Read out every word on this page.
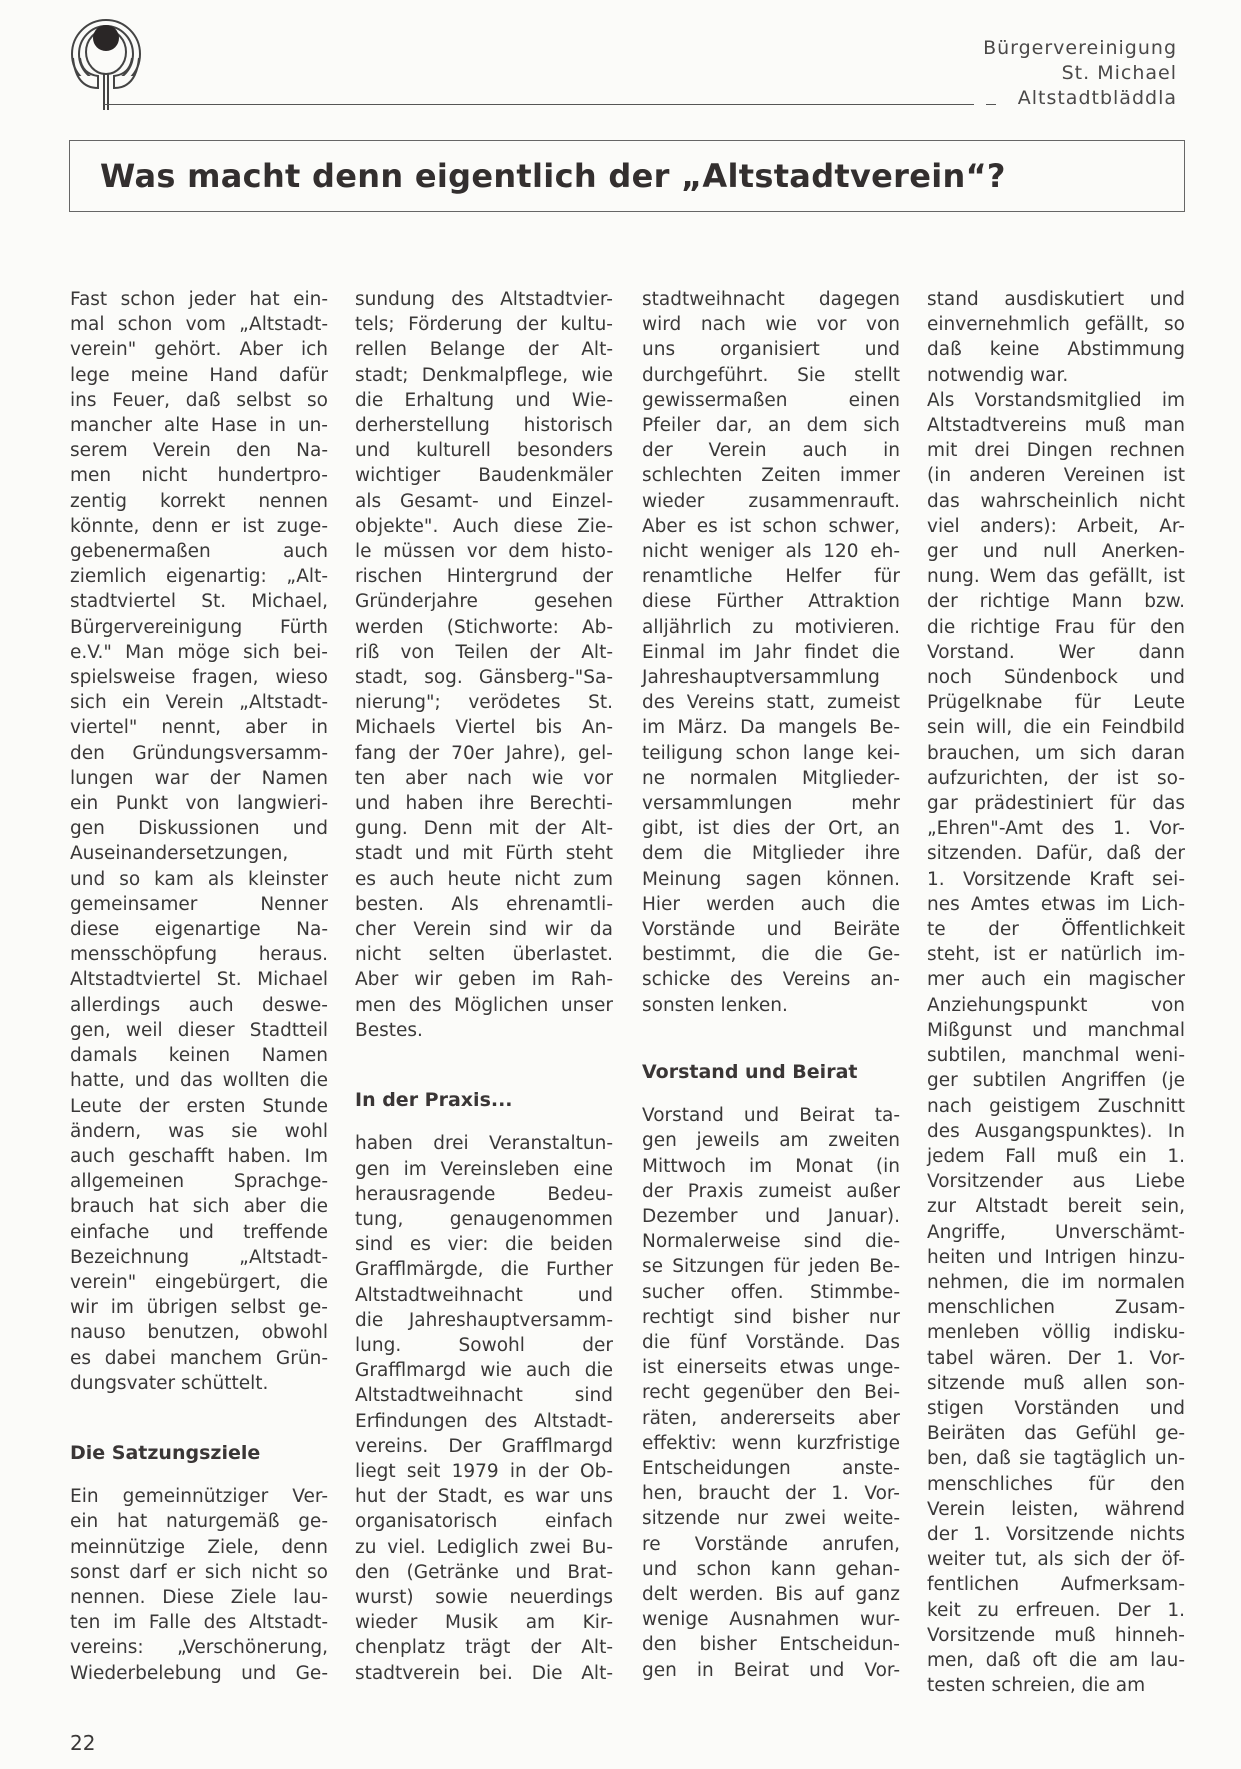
Bürgervereinigung
St. Michael
Altstadtbläddla
Was macht denn eigentlich der „Altstadtverein“?

Fast schon jeder hat ein-
mal schon vom „Altstadt-
verein" gehört. Aber ich
lege meine Hand dafür
ins Feuer, daß selbst so
mancher alte Hase in un-
serem Verein den Na-
men nicht hundertpro-
zentig korrekt nennen
könnte, denn er ist zuge-
gebenermaßen auch
ziemlich eigenartig: „Alt-
stadtviertel St. Michael,
Bürgervereinigung Fürth
e.V." Man möge sich bei-
spielsweise fragen, wieso
sich ein Verein „Altstadt-
viertel" nennt, aber in
den Gründungsversamm-
lungen war der Namen
ein Punkt von langwieri-
gen Diskussionen und
Auseinandersetzungen,
und so kam als kleinster
gemeinsamer Nenner
diese eigenartige Na-
mensschöpfung heraus.
Altstadtviertel St. Michael
allerdings auch deswe-
gen, weil dieser Stadtteil
damals keinen Namen
hatte, und das wollten die
Leute der ersten Stunde
ändern, was sie wohl
auch geschafft haben. Im
allgemeinen Sprachge-
brauch hat sich aber die
einfache und treffende
Bezeichnung „Altstadt-
verein" eingebürgert, die
wir im übrigen selbst ge-
nauso benutzen, obwohl
es dabei manchem Grün-
dungsvater schüttelt.

Die Satzungsziele

Ein gemeinnütziger Ver-
ein hat naturgemäß ge-
meinnützige Ziele, denn
sonst darf er sich nicht so
nennen. Diese Ziele lau-
ten im Falle des Altstadt-
vereins: „Verschönerung,
Wiederbelebung und Ge-

sundung des Altstadtvier-
tels; Förderung der kultu-
rellen Belange der Alt-
stadt; Denkmalpflege, wie
die Erhaltung und Wie-
derherstellung historisch
und kulturell besonders
wichtiger Baudenkmäler
als Gesamt- und Einzel-
objekte". Auch diese Zie-
le müssen vor dem histo-
rischen Hintergrund der
Gründerjahre gesehen
werden (Stichworte: Ab-
riß von Teilen der Alt-
stadt, sog. Gänsberg-"Sa-
nierung"; verödetes St.
Michaels Viertel bis An-
fang der 70er Jahre), gel-
ten aber nach wie vor
und haben ihre Berechti-
gung. Denn mit der Alt-
stadt und mit Fürth steht
es auch heute nicht zum
besten. Als ehrenamtli-
cher Verein sind wir da
nicht selten überlastet.
Aber wir geben im Rah-
men des Möglichen unser
Bestes.

In der Praxis...

haben drei Veranstaltun-
gen im Vereinsleben eine
herausragende Bedeu-
tung, genaugenommen
sind es vier: die beiden
Grafflmärgde, die Further
Altstadtweihnacht und
die Jahreshauptversamm-
lung. Sowohl der
Grafflmargd wie auch die
Altstadtweihnacht sind
Erfindungen des Altstadt-
vereins. Der Grafflmargd
liegt seit 1979 in der Ob-
hut der Stadt, es war uns
organisatorisch einfach
zu viel. Lediglich zwei Bu-
den (Getränke und Brat-
wurst) sowie neuerdings
wieder Musik am Kir-
chenplatz trägt der Alt-
stadtverein bei. Die Alt-

stadtweihnacht dagegen
wird nach wie vor von
uns organisiert und
durchgeführt. Sie stellt
gewissermaßen einen
Pfeiler dar, an dem sich
der Verein auch in
schlechten Zeiten immer
wieder zusammenrauft.
Aber es ist schon schwer,
nicht weniger als 120 eh-
renamtliche Helfer für
diese Fürther Attraktion
alljährlich zu motivieren.
Einmal im Jahr findet die
Jahreshauptversammlung
des Vereins statt, zumeist
im März. Da mangels Be-
teiligung schon lange kei-
ne normalen Mitglieder-
versammlungen mehr
gibt, ist dies der Ort, an
dem die Mitglieder ihre
Meinung sagen können.
Hier werden auch die
Vorstände und Beiräte
bestimmt, die die Ge-
schicke des Vereins an-
sonsten lenken.

Vorstand und Beirat

Vorstand und Beirat ta-
gen jeweils am zweiten
Mittwoch im Monat (in
der Praxis zumeist außer
Dezember und Januar).
Normalerweise sind die-
se Sitzungen für jeden Be-
sucher offen. Stimmbe-
rechtigt sind bisher nur
die fünf Vorstände. Das
ist einerseits etwas unge-
recht gegenüber den Bei-
räten, andererseits aber
effektiv: wenn kurzfristige
Entscheidungen anste-
hen, braucht der 1. Vor-
sitzende nur zwei weite-
re Vorstände anrufen,
und schon kann gehan-
delt werden. Bis auf ganz
wenige Ausnahmen wur-
den bisher Entscheidun-
gen in Beirat und Vor-

stand ausdiskutiert und
einvernehmlich gefällt, so
daß keine Abstimmung
notwendig war.

Als Vorstandsmitglied im
Altstadtvereins muß man
mit drei Dingen rechnen
(in anderen Vereinen ist
das wahrscheinlich nicht
viel anders): Arbeit, Ar-
ger und null Anerken-
nung. Wem das gefällt, ist
der richtige Mann bzw.
die richtige Frau für den
Vorstand. Wer dann
noch Sündenbock und
Prügelknabe für Leute
sein will, die ein Feindbild
brauchen, um sich daran
aufzurichten, der ist so-
gar prädestiniert für das
„Ehren"-Amt des 1. Vor-
sitzenden. Dafür, daß der
1. Vorsitzende Kraft sei-
nes Amtes etwas im Lich-
te der Öffentlichkeit
steht, ist er natürlich im-
mer auch ein magischer
Anziehungspunkt von
Mißgunst und manchmal
subtilen, manchmal weni-
ger subtilen Angriffen (je
nach geistigem Zuschnitt
des Ausgangspunktes). In
jedem Fall muß ein 1.
Vorsitzender aus Liebe
zur Altstadt bereit sein,
Angriffe, Unverschämt-
heiten und Intrigen hinzu-
nehmen, die im normalen
menschlichen Zusam-
menleben völlig indisku-
tabel wären. Der 1. Vor-
sitzende muß allen son-
stigen Vorständen und
Beiräten das Gefühl ge-
ben, daß sie tagtäglich un-
menschliches für den
Verein leisten, während
der 1. Vorsitzende nichts
weiter tut, als sich der öf-
fentlichen Aufmerksam-
keit zu erfreuen. Der 1.
Vorsitzende muß hinneh-
men, daß oft die am lau-
testen schreien, die am

22
